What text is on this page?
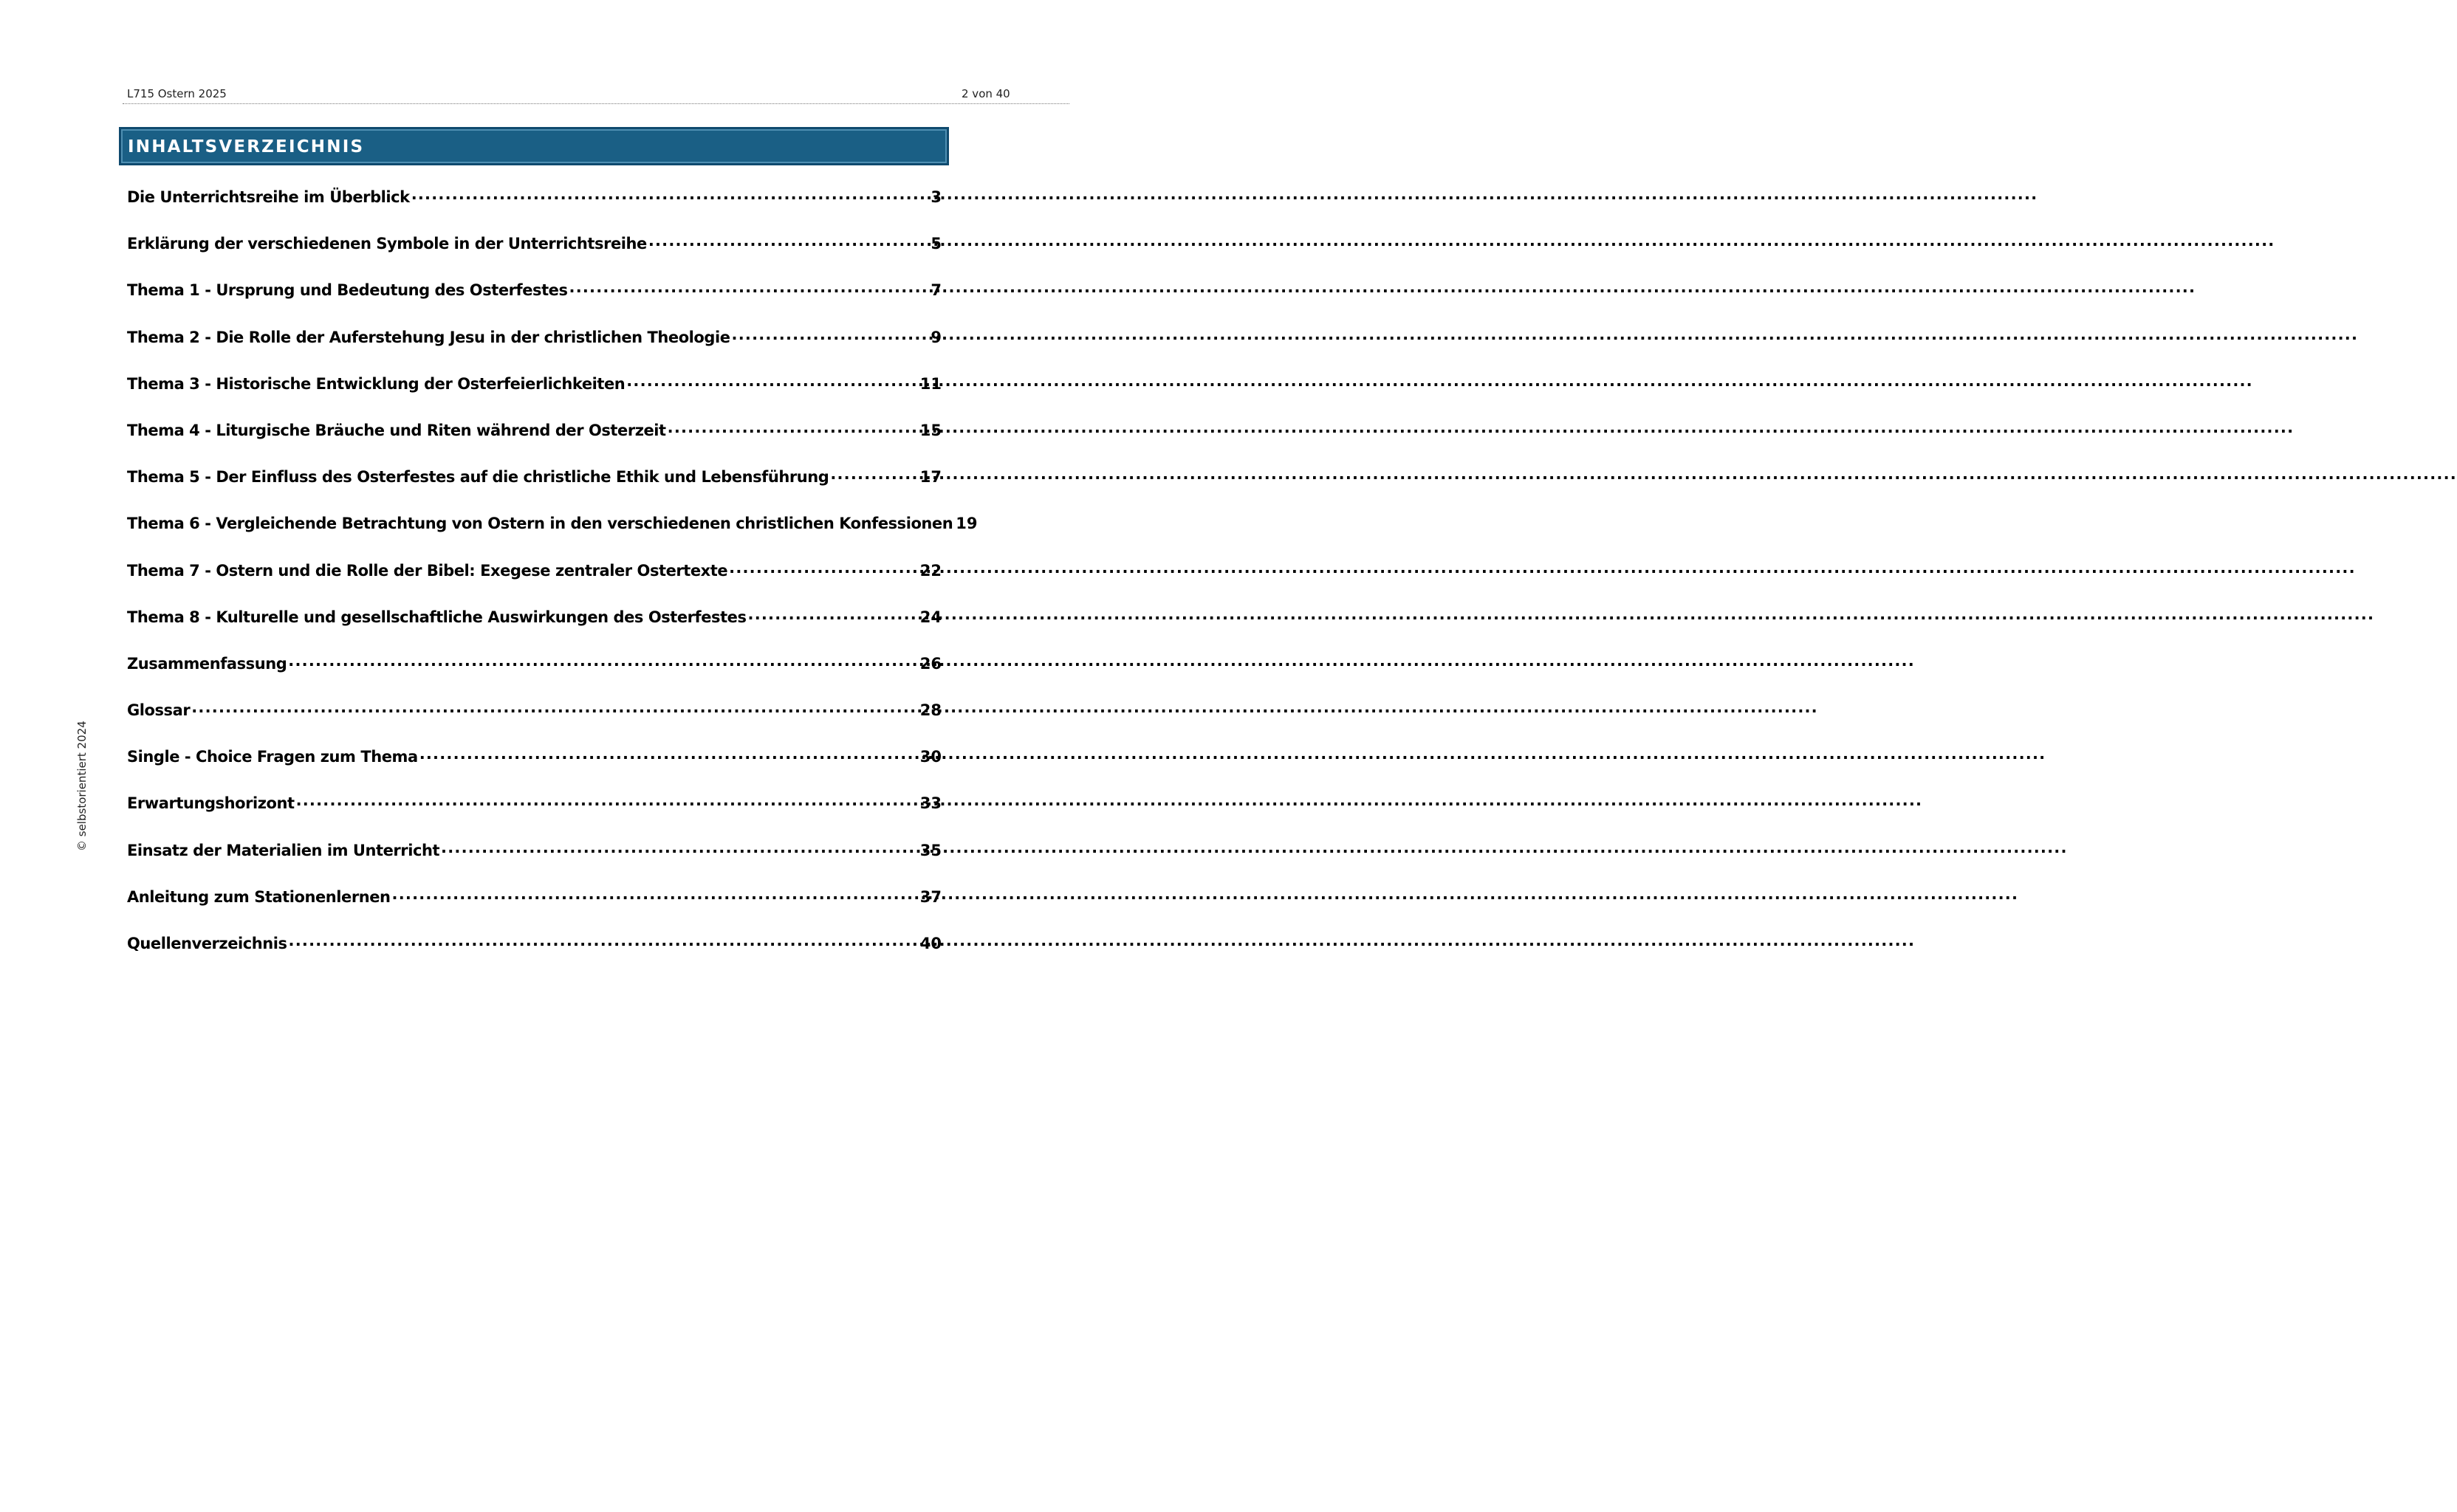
L715 Ostern 2025	2 von 40
INHALTSVERZEICHNIS
Die Unterrichtsreihe im Überblick .....	3
Erklärung der verschiedenen Symbole in der Unterrichtsreihe .....	5
Thema 1 - Ursprung und Bedeutung des Osterfestes .....	7
Thema 2 - Die Rolle der Auferstehung Jesu in der christlichen Theologie .....	9
Thema 3 - Historische Entwicklung der Osterfeierlichkeiten .....	11
Thema 4 - Liturgische Bräuche und Riten während der Osterzeit .....	15
Thema 5 - Der Einfluss des Osterfestes auf die christliche Ethik und Lebensführung .....	17
Thema 6 - Vergleichende Betrachtung von Ostern in den verschiedenen christlichen Konfessionen 19
Thema 7 - Ostern und die Rolle der Bibel: Exegese zentraler Ostertexte .....	22
Thema 8 - Kulturelle und gesellschaftliche Auswirkungen des Osterfestes .....	24
Zusammenfassung .....	26
Glossar .....	28
Single - Choice Fragen zum Thema .....	30
Erwartungshorizont .....	33
Einsatz der Materialien im Unterricht .....	35
Anleitung zum Stationenlernen .....	37
Quellenverzeichnis .....	40
© selbstorientiert 2024
